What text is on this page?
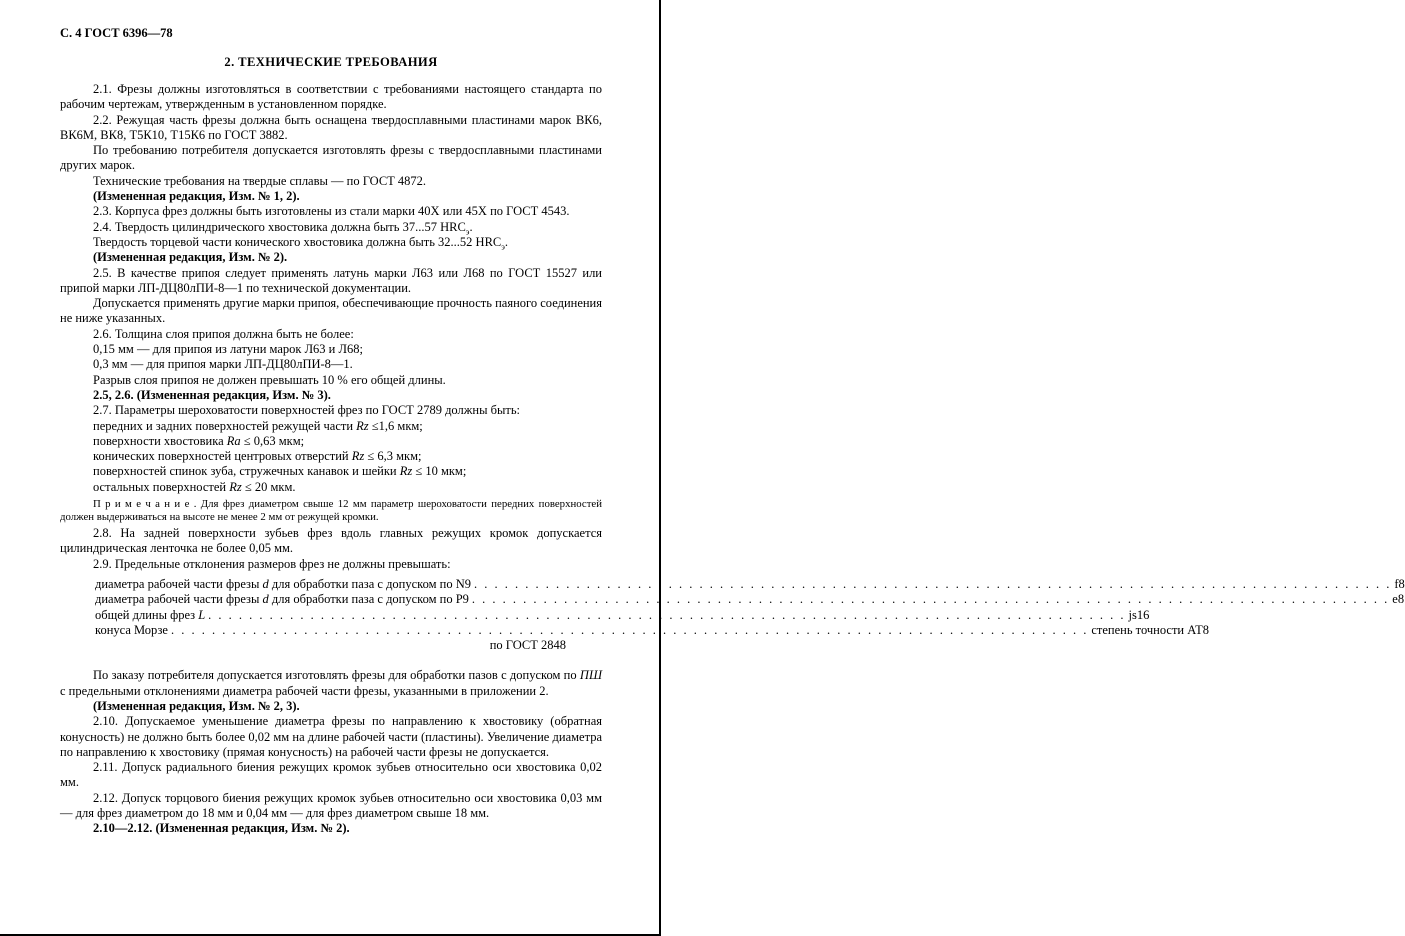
С. 4 ГОСТ 6396—78
2. ТЕХНИЧЕСКИЕ ТРЕБОВАНИЯ
2.1. Фрезы должны изготовляться в соответствии с требованиями настоящего стандарта по рабочим чертежам, утвержденным в установленном порядке.
2.2. Режущая часть фрезы должна быть оснащена твердосплавными пластинами марок ВК6, ВК6М, ВК8, Т5К10, Т15К6 по ГОСТ 3882.
По требованию потребителя допускается изготовлять фрезы с твердосплавными пластинами других марок.
Технические требования на твердые сплавы — по ГОСТ 4872.
(Измененная редакция, Изм. № 1, 2).
2.3. Корпуса фрез должны быть изготовлены из стали марки 40Х или 45Х по ГОСТ 4543.
2.4. Твердость цилиндрического хвостовика должна быть 37...57 $HRC_э$.
Твердость торцевой части конического хвостовика должна быть 32...52 $HRC_э$.
(Измененная редакция, Изм. № 2).
2.5. В качестве припоя следует применять латунь марки Л63 или Л68 по ГОСТ 15527 или припой марки ЛП-ДЦ80лПИ-8—1 по технической документации.
Допускается применять другие марки припоя, обеспечивающие прочность паяного соединения не ниже указанных.
2.6. Толщина слоя припоя должна быть не более:
0,15 мм — для припоя из латуни марок Л63 и Л68;
0,3 мм — для припоя марки ЛП-ДЦ80лПИ-8—1.
Разрыв слоя припоя не должен превышать 10 % его общей длины.
2.5, 2.6. (Измененная редакция, Изм. № 3).
2.7. Параметры шероховатости поверхностей фрез по ГОСТ 2789 должны быть:
передних и задних поверхностей режущей части Rz ≤1,6 мкм;
поверхности хвостовика Ra ≤ 0,63 мкм;
конических поверхностей центровых отверстий Rz ≤ 6,3 мкм;
поверхностей спинок зуба, стружечных канавок и шейки Rz ≤ 10 мкм;
остальных поверхностей Rz ≤ 20 мкм.
П р и м е ч а н и е . Для фрез диаметром свыше 12 мм параметр шероховатости передних поверхностей должен выдерживаться на высоте не менее 2 мм от режущей кромки.
2.8. На задней поверхности зубьев фрез вдоль главных режущих кромок допускается цилиндрическая ленточка не более 0,05 мм.
2.9. Предельные отклонения размеров фрез не должны превышать:
диаметра рабочей части фрезы d для обработки паза с допуском по N9 . . . . . . . . . . . . . . . . . . . . . . . . . . . . . . . . . . . . . . . . . . . . . . . . . . . . . . . . . . . . . . . . . . . . . . . . . . . . . . . . . . . . . . . . . . f8
диаметра рабочей части фрезы d для обработки паза с допуском по Р9 . . . . . . . . . . . . . . . . . . . . . . . . . . . . . . . . . . . . . . . . . . . . . . . . . . . . . . . . . . . . . . . . . . . . . . . . . . . . . . . . . . . . . . . . . . е8
общей длины фрез L . . . . . . . . . . . . . . . . . . . . . . . . . . . . . . . . . . . . . . . . . . . . . . . . . . . . . . . . . . . . . . . . . . . . . . . . . . . . . . . . . . . . . . . . . . js16
конуса Морзе . . . . . . . . . . . . . . . . . . . . . . . . . . . . . . . . . . . . . . . . . . . . . . . . . . . . . . . . . . . . . . . . . . . . . . . . . . . . . . . . . . . . . . . . . . степень точности АТ8
по ГОСТ 2848
По заказу потребителя допускается изготовлять фрезы для обработки пазов с допуском по ПШ с предельными отклонениями диаметра рабочей части фрезы, указанными в приложении 2.
(Измененная редакция, Изм. № 2, 3).
2.10. Допускаемое уменьшение диаметра фрезы по направлению к хвостовику (обратная конусность) не должно быть более 0,02 мм на длине рабочей части (пластины). Увеличение диаметра по направлению к хвостовику (прямая конусность) на рабочей части фрезы не допускается.
2.11. Допуск радиального биения режущих кромок зубьев относительно оси хвостовика 0,02 мм.
2.12. Допуск торцового биения режущих кромок зубьев относительно оси хвостовика 0,03 мм — для фрез диаметром до 18 мм и 0,04 мм — для фрез диаметром свыше 18 мм.
2.10—2.12. (Измененная редакция, Изм. № 2).
